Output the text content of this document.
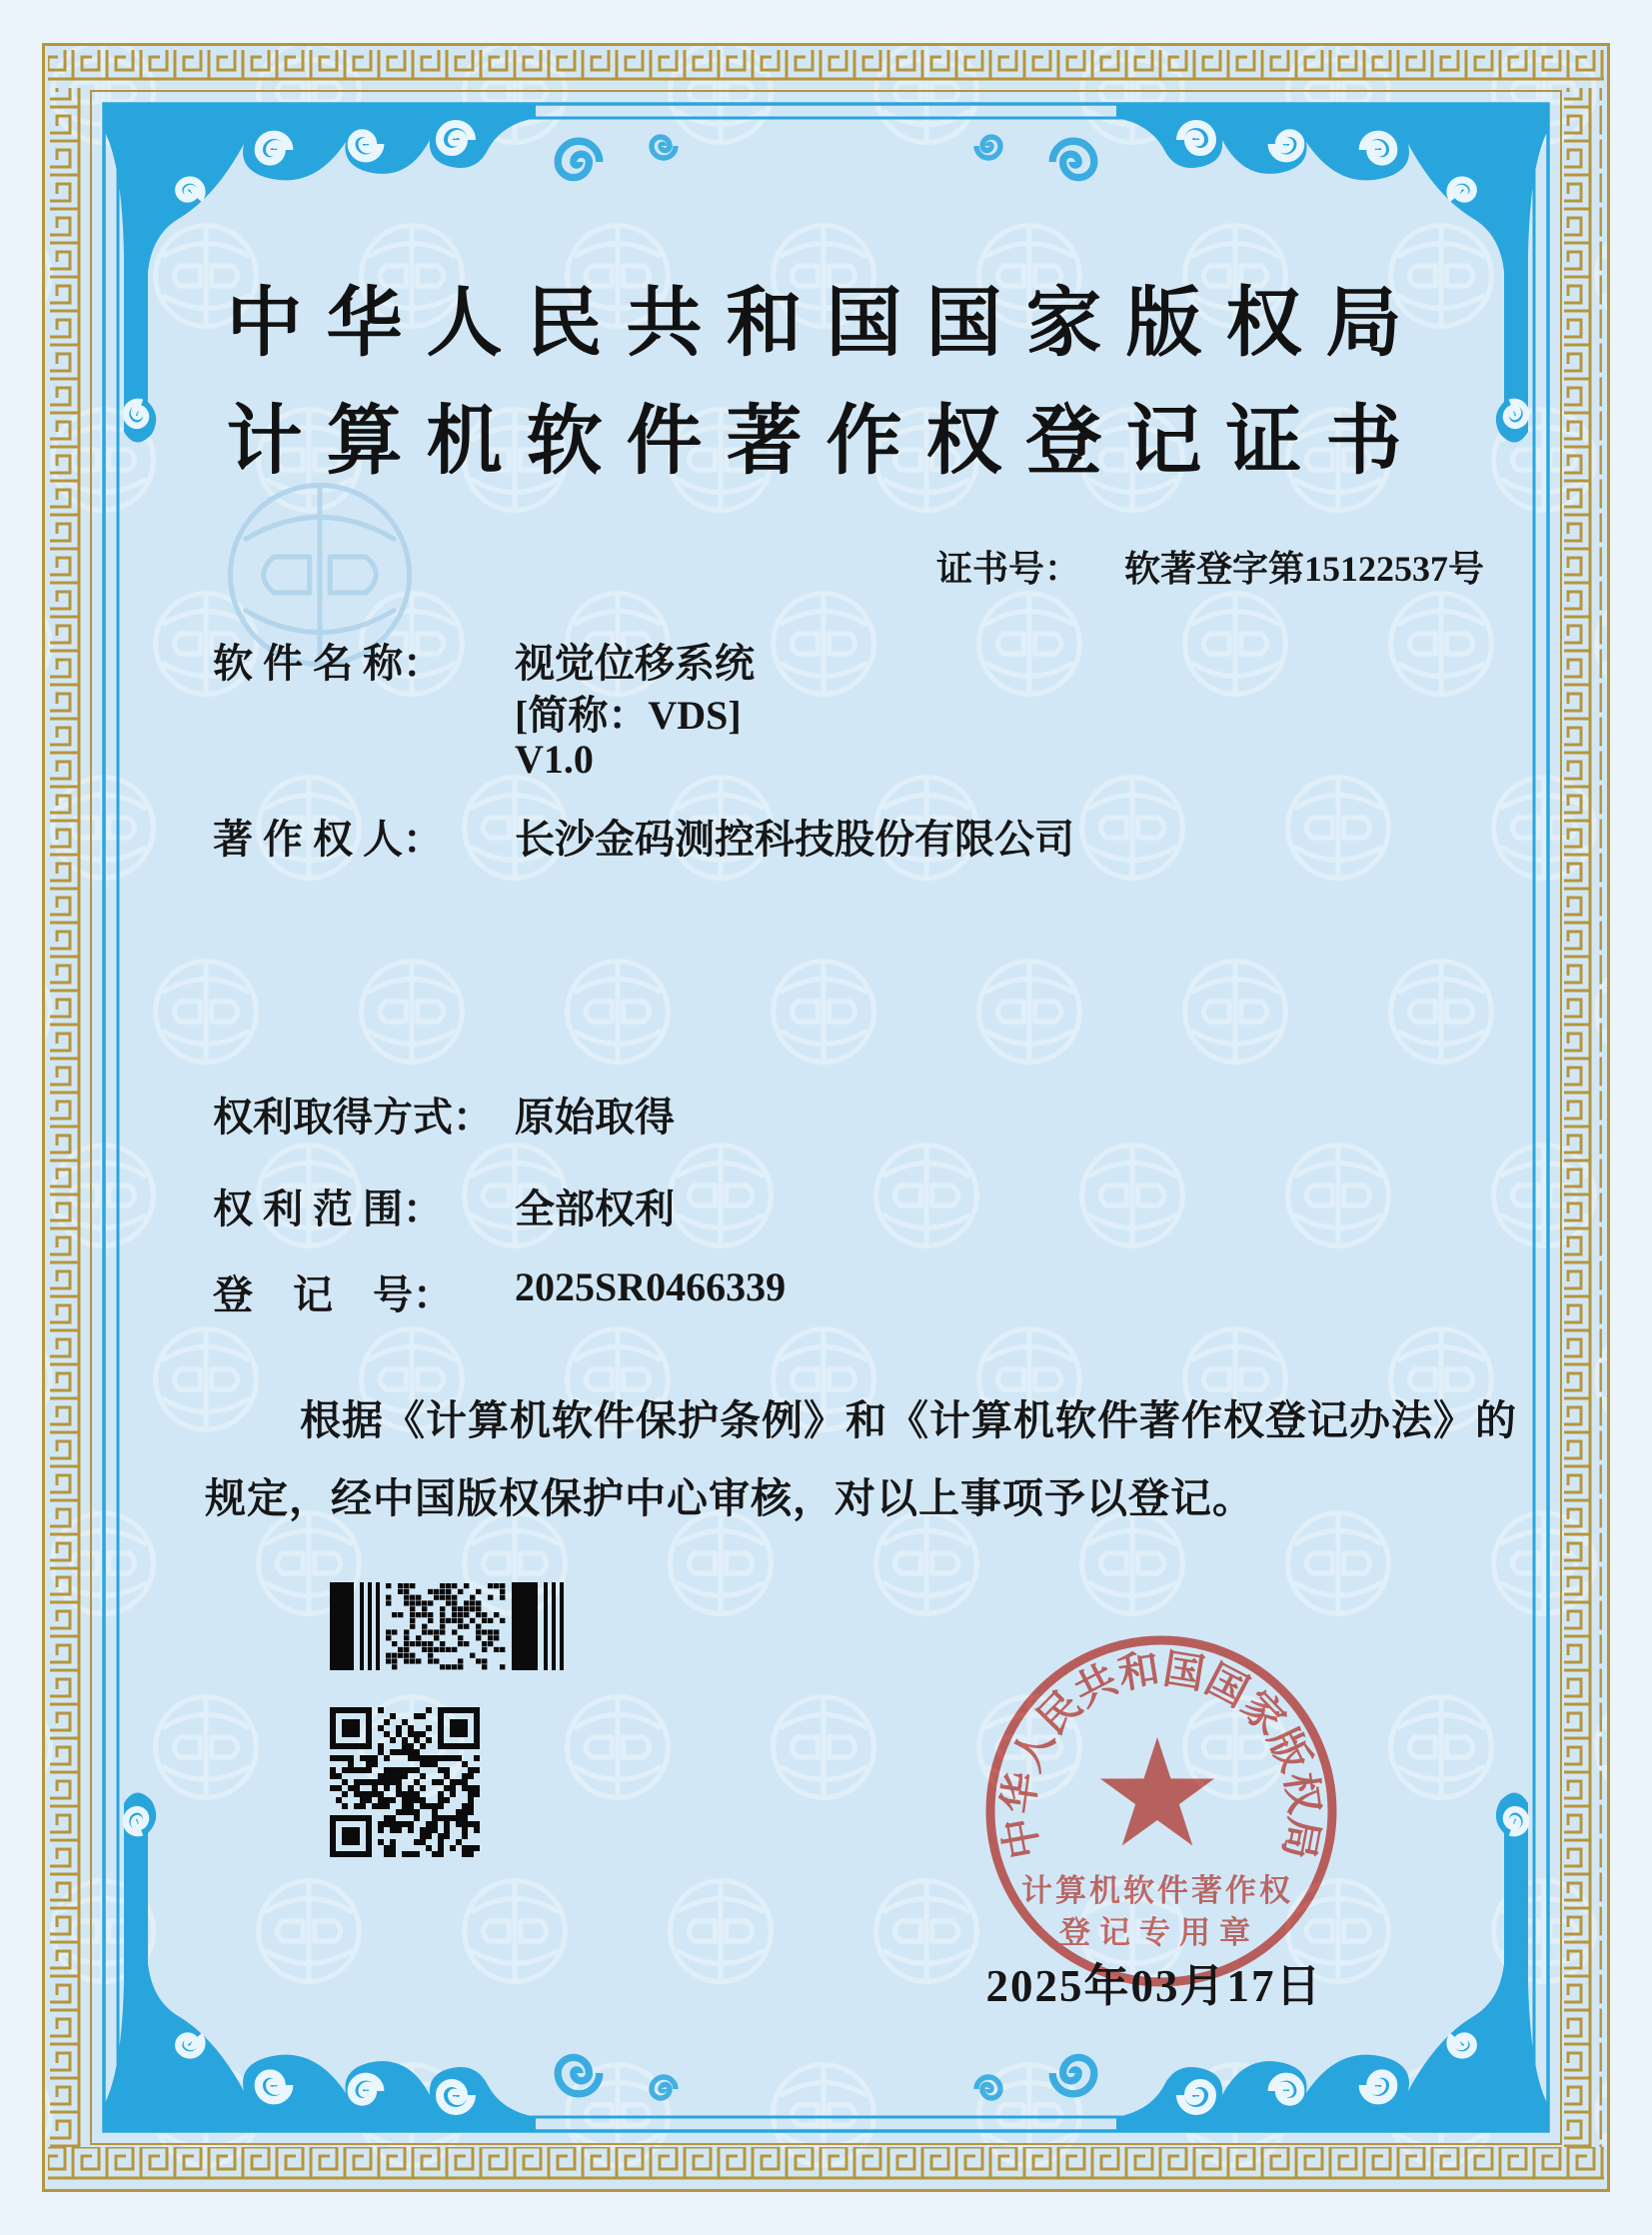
中华人民共和国国家版权局
计算机软件著作权登记证书
证书号： 软著登字第15122537号
软 件 名 称： 视觉位移系统
[简称：VDS]
V1.0
著 作 权 人： 长沙金码测控科技股份有限公司
权利取得方式： 原始取得
权 利 范 围： 全部权利
登　记　号： 2025SR0466339
根据《计算机软件保护条例》和《计算机软件著作权登记办法》的
规定，经中国版权保护中心审核，对以上事项予以登记。
中华人民共和国国家版权局
计算机软件著作权
登记专用章
2025年03月17日
